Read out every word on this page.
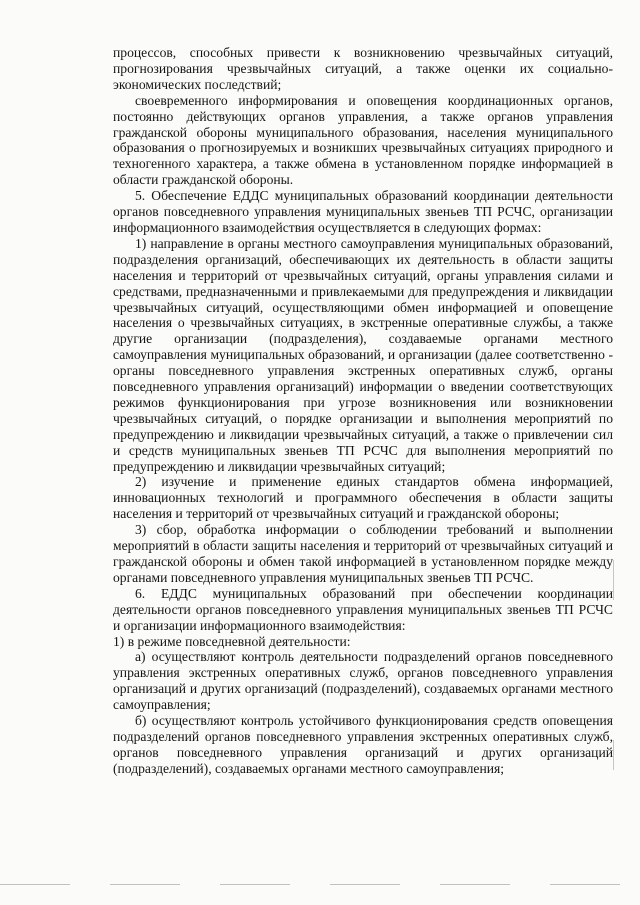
процессов, способных привести к возникновению чрезвычайных ситуаций, прогнозирования чрезвычайных ситуаций, а также оценки их социально-экономических последствий;

своевременного информирования и оповещения координационных органов, постоянно действующих органов управления, а также органов управления гражданской обороны муниципального образования, населения муниципального образования о прогнозируемых и возникших чрезвычайных ситуациях природного и техногенного характера, а также обмена в установленном порядке информацией в области гражданской обороны.

5. Обеспечение ЕДДС муниципальных образований координации деятельности органов повседневного управления муниципальных звеньев ТП РСЧС, организации информационного взаимодействия осуществляется в следующих формах:

1) направление в органы местного самоуправления муниципальных образований, подразделения организаций, обеспечивающих их деятельность в области защиты населения и территорий от чрезвычайных ситуаций, органы управления силами и средствами, предназначенными и привлекаемыми для предупреждения и ликвидации чрезвычайных ситуаций, осуществляющими обмен информацией и оповещение населения о чрезвычайных ситуациях, в экстренные оперативные службы, а также другие организации (подразделения), создаваемые органами местного самоуправления муниципальных образований, и организации (далее соответственно - органы повседневного управления экстренных оперативных служб, органы повседневного управления организаций) информации о введении соответствующих режимов функционирования при угрозе возникновения или возникновении чрезвычайных ситуаций, о порядке организации и выполнения мероприятий по предупреждению и ликвидации чрезвычайных ситуаций, а также о привлечении сил и средств муниципальных звеньев ТП РСЧС для выполнения мероприятий по предупреждению и ликвидации чрезвычайных ситуаций;

2) изучение и применение единых стандартов обмена информацией, инновационных технологий и программного обеспечения в области защиты населения и территорий от чрезвычайных ситуаций и гражданской обороны;

3) сбор, обработка информации о соблюдении требований и выполнении мероприятий в области защиты населения и территорий от чрезвычайных ситуаций и гражданской обороны и обмен такой информацией в установленном порядке между органами повседневного управления муниципальных звеньев ТП РСЧС.

6. ЕДДС муниципальных образований при обеспечении координации деятельности органов повседневного управления муниципальных звеньев ТП РСЧС и организации информационного взаимодействия:

1) в режиме повседневной деятельности:

а) осуществляют контроль деятельности подразделений органов повседневного управления экстренных оперативных служб, органов повседневного управления организаций и других организаций (подразделений), создаваемых органами местного самоуправления;

б) осуществляют контроль устойчивого функционирования средств оповещения подразделений органов повседневного управления экстренных оперативных служб, органов повседневного управления организаций и других организаций (подразделений), создаваемых органами местного самоуправления;
